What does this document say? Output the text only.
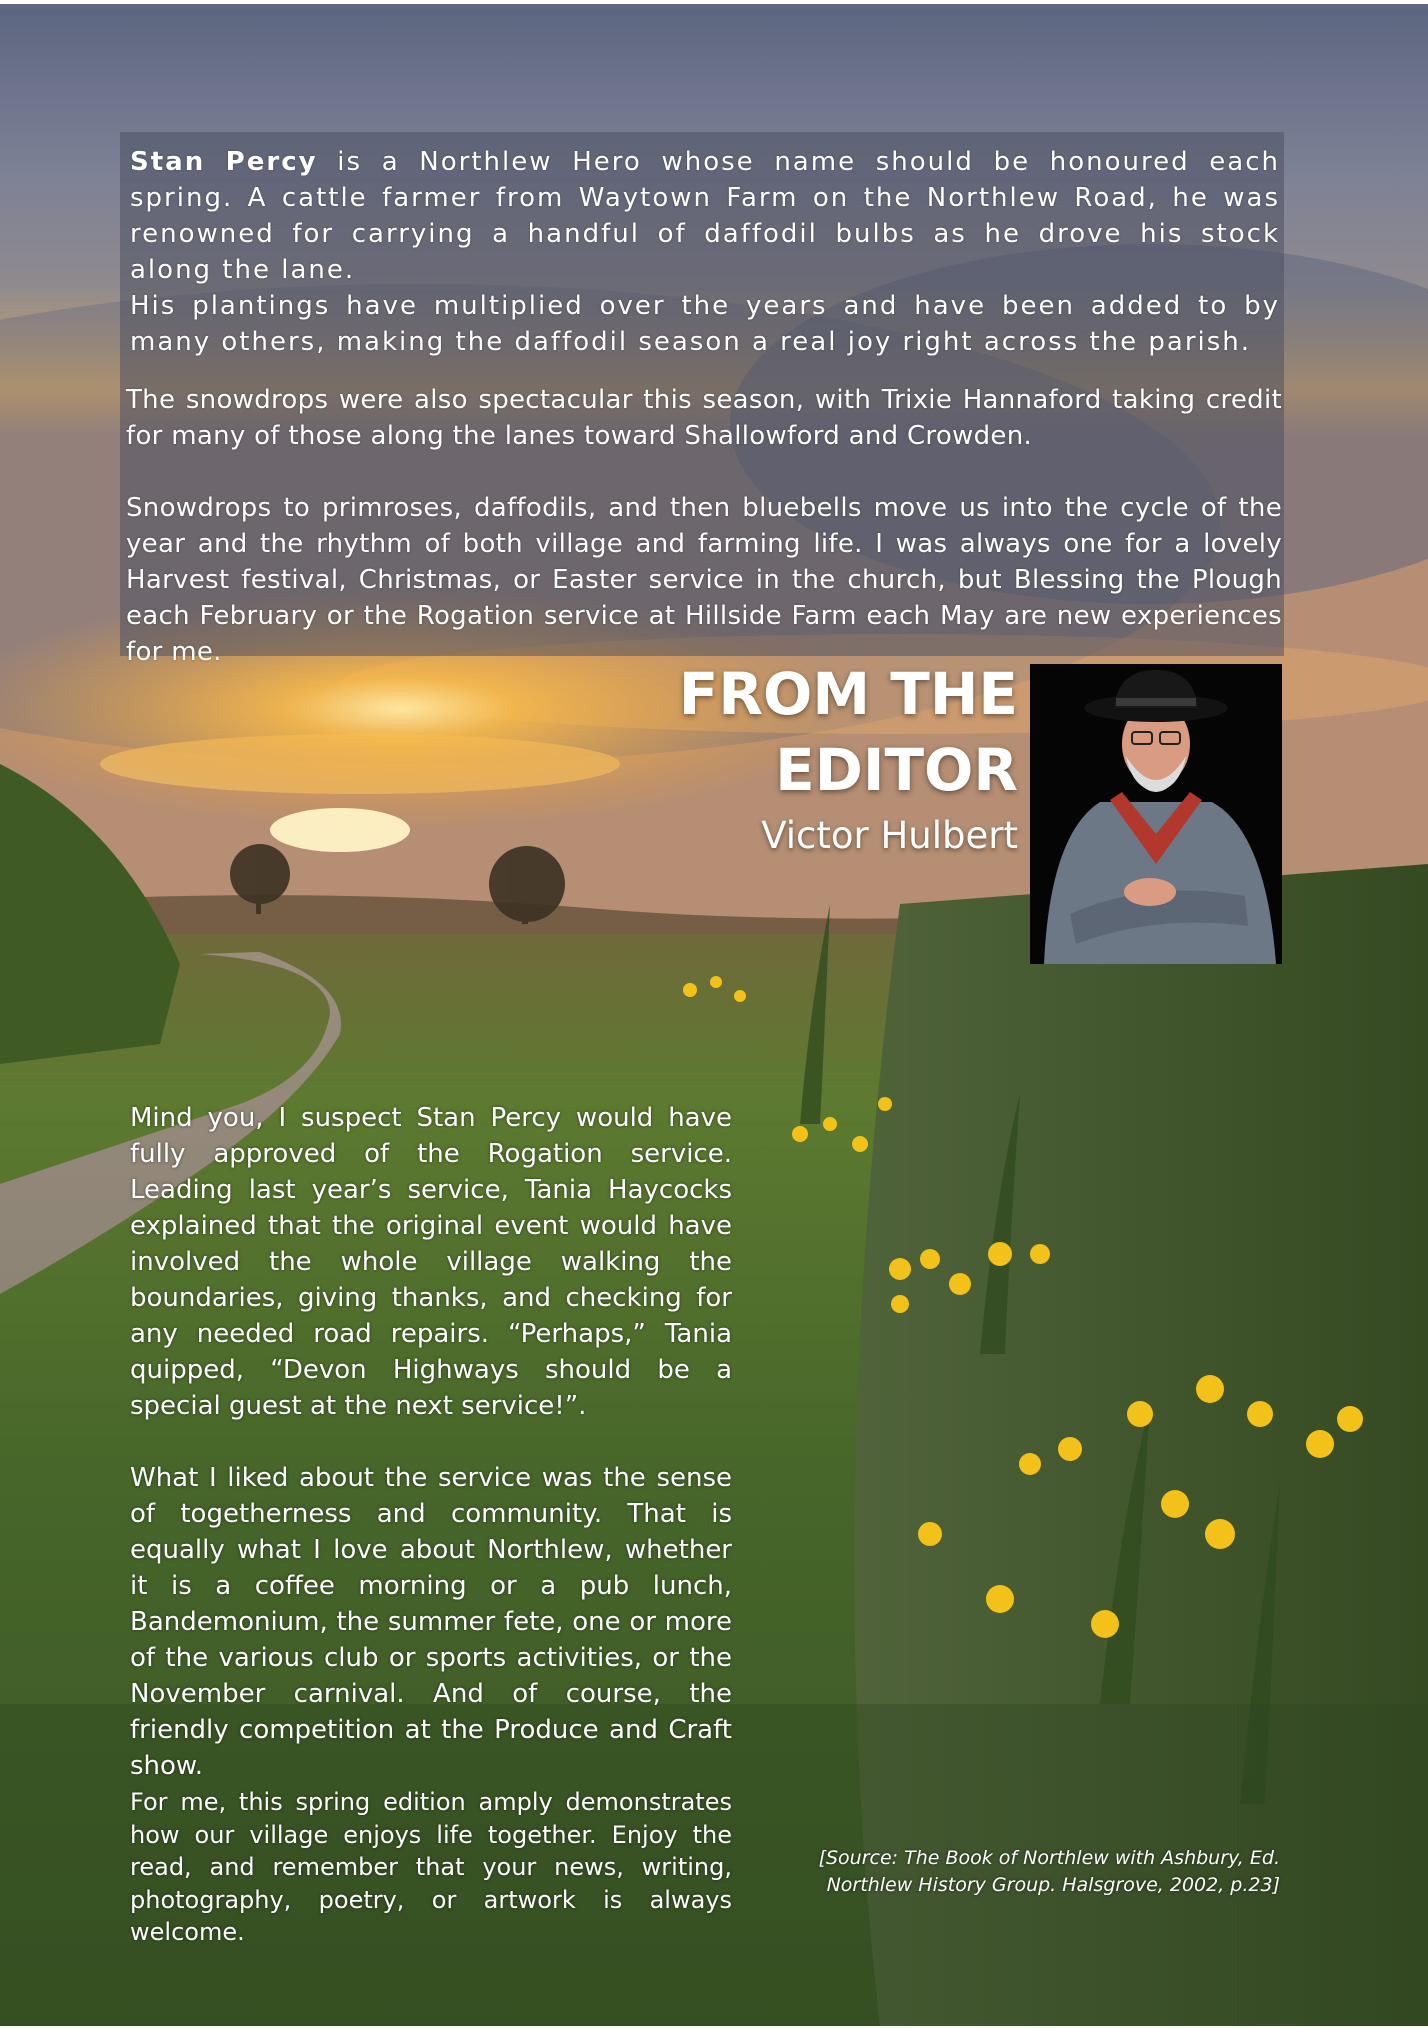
Stan Percy is a Northlew Hero whose name should be honoured each spring. A cattle farmer from Waytown Farm on the Northlew Road, he was renowned for carrying a handful of daffodil bulbs as he drove his stock along the lane.

His plantings have multiplied over the years and have been added to by many others, making the daffodil season a real joy right across the parish.

The snowdrops were also spectacular this season, with Trixie Hannaford taking credit for many of those along the lanes toward Shallowford and Crowden.

Snowdrops to primroses, daffodils, and then bluebells move us into the cycle of the year and the rhythm of both village and farming life. I was always one for a lovely Harvest festival, Christmas, or Easter service in the church, but Blessing the Plough each February or the Rogation service at Hillside Farm each May are new experiences for me.

FROM THE
EDITOR
Victor Hulbert

Mind you, I suspect Stan Percy would have fully approved of the Rogation service. Leading last year’s service, Tania Haycocks explained that the original event would have involved the whole village walking the boundaries, giving thanks, and checking for any needed road repairs. “Perhaps,” Tania quipped, “Devon Highways should be a special guest at the next service!”.

What I liked about the service was the sense of togetherness and community. That is equally what I love about Northlew, whether it is a coffee morning or a pub lunch, Bandemonium, the summer fete, one or more of the various club or sports activities, or the November carnival. And of course, the friendly competition at the Produce and Craft show.

For me, this spring edition amply demonstrates how our village enjoys life together. Enjoy the read, and remember that your news, writing, photography, poetry, or artwork is always welcome.

[Source: The Book of Northlew with Ashbury, Ed.
Northlew History Group. Halsgrove, 2002, p.23]
